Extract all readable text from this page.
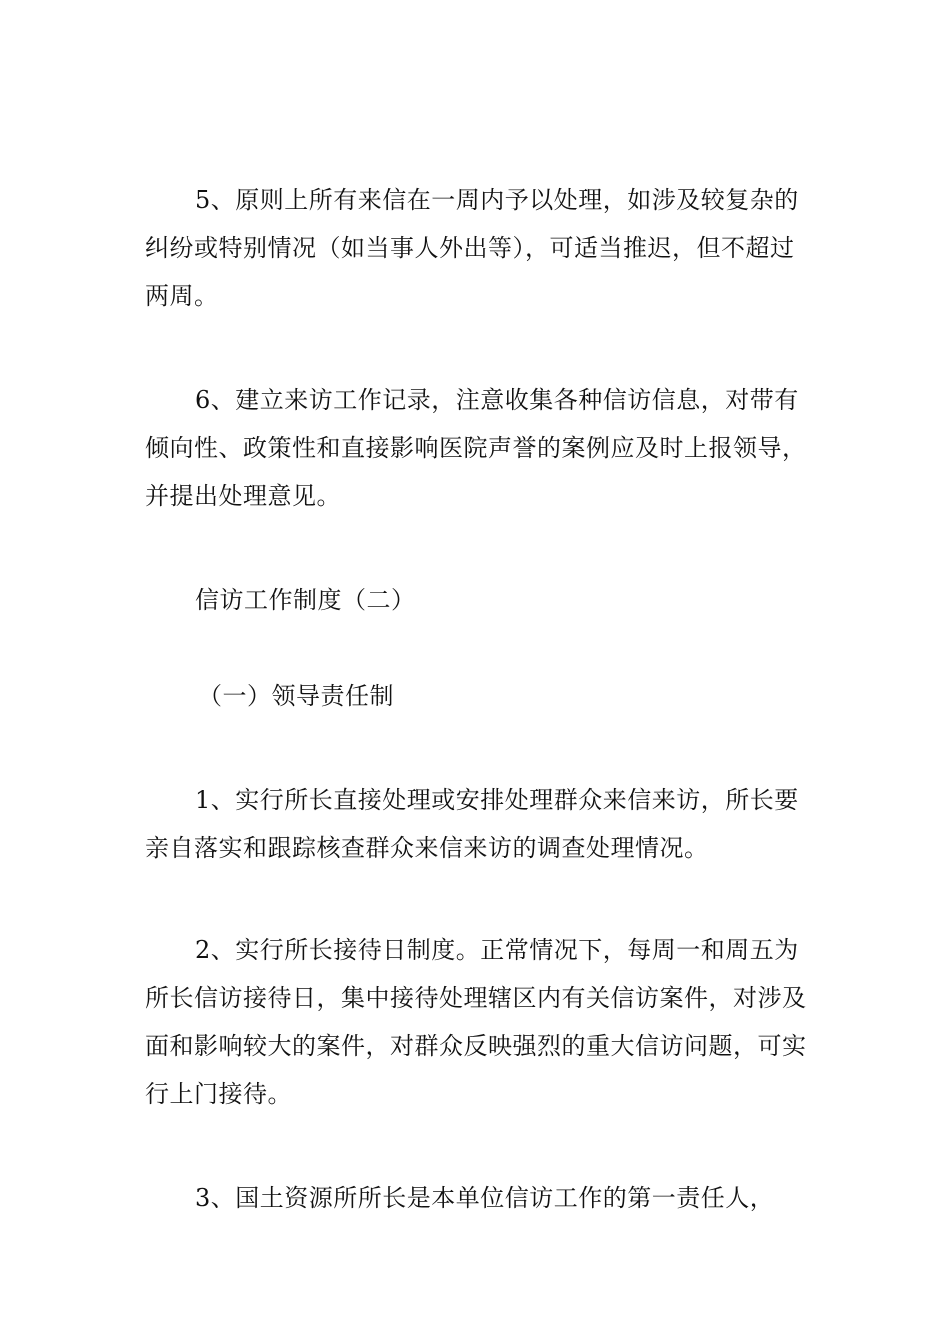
5、原则上所有来信在一周内予以处理，如涉及较复杂的纠纷或特别情况（如当事人外出等），可适当推迟，但不超过两周。

6、建立来访工作记录，注意收集各种信访信息，对带有倾向性、政策性和直接影响医院声誉的案例应及时上报领导，并提出处理意见。

信访工作制度（二）

（一）领导责任制

1、实行所长直接处理或安排处理群众来信来访，所长要亲自落实和跟踪核查群众来信来访的调查处理情况。

2、实行所长接待日制度。正常情况下，每周一和周五为所长信访接待日，集中接待处理辖区内有关信访案件，对涉及面和影响较大的案件，对群众反映强烈的重大信访问题，可实行上门接待。

3、国土资源所所长是本单位信访工作的第一责任人，
